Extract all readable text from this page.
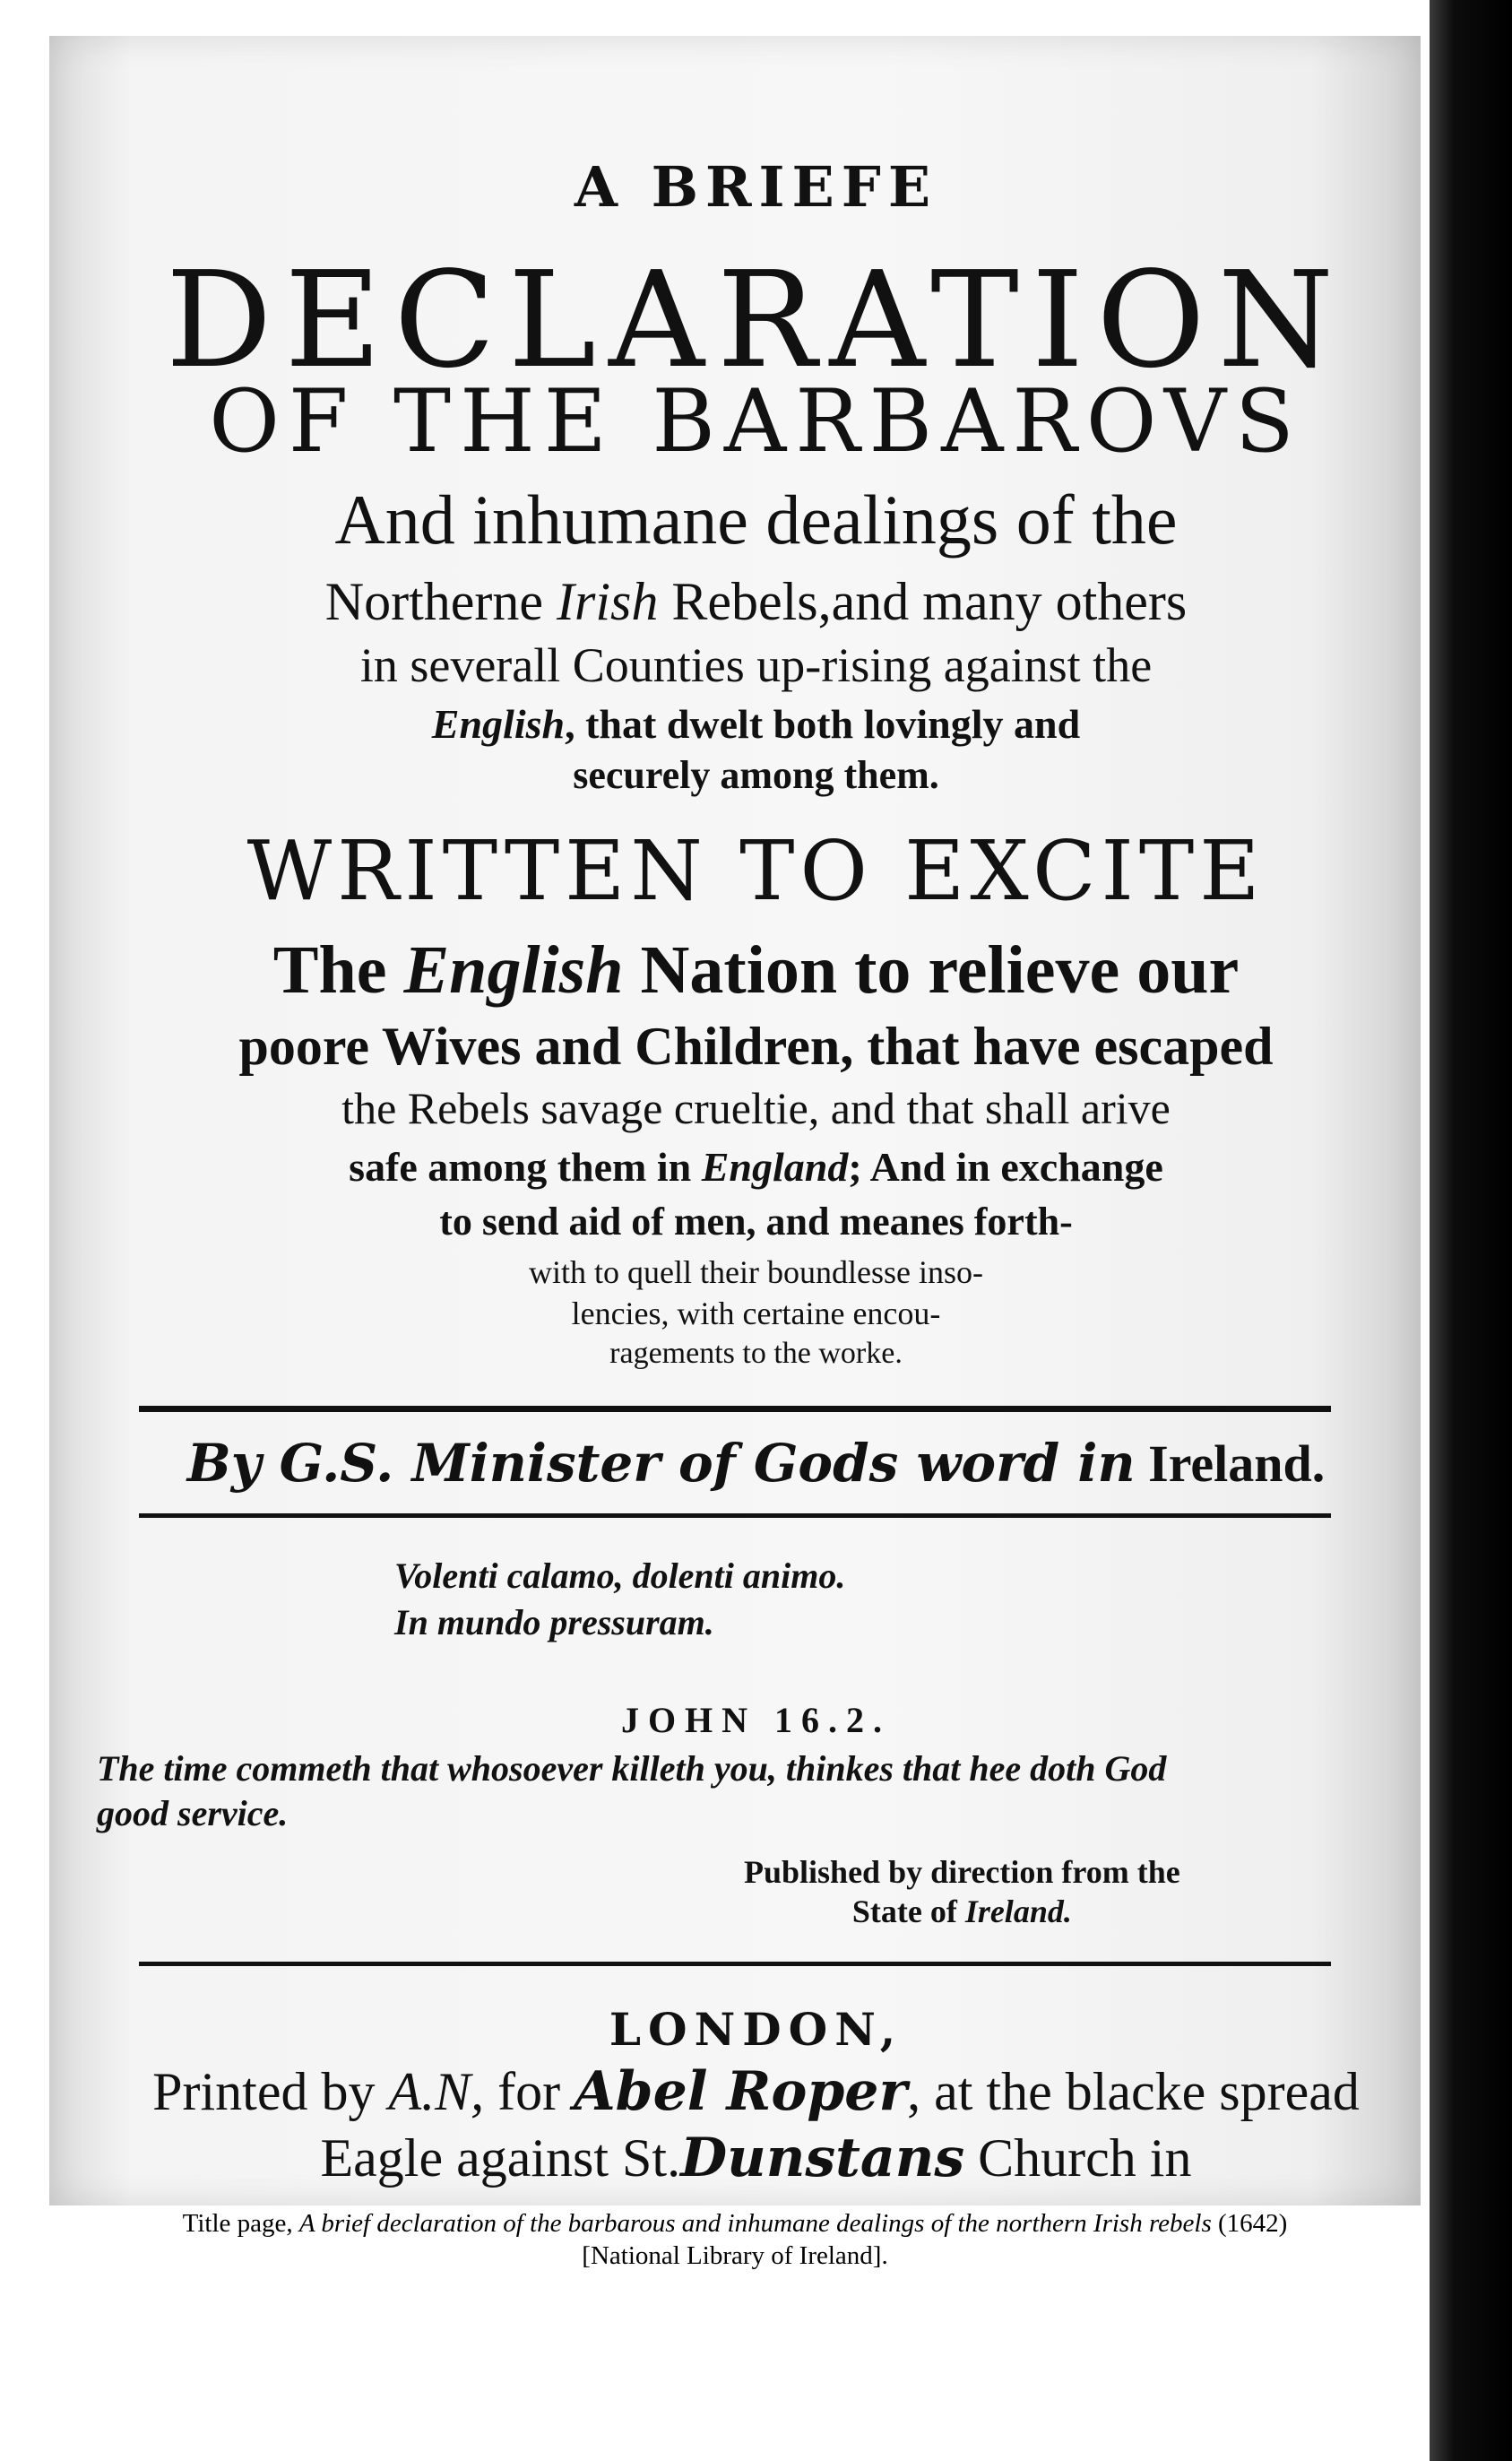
A BRIEFE
DECLARATION
OF THE BARBAROVS
And inhumane dealings of the
Northerne Irish Rebels,and many others
in severall Counties up-rising against the
English, that dwelt both lovingly and
securely among them.
WRITTEN TO EXCITE
The English Nation to relieve our
poore Wives and Children, that have escaped
the Rebels savage crueltie, and that shall arive
safe among them in England; And in exchange
to send aid of men, and meanes forth-
with to quell their boundlesse inso-
lencies, with certaine encou-
ragements to the worke.
By G.S. Minister of Gods word in Ireland.
Volenti calamo, dolenti animo.
In mundo pressuram.
JOHN 16.2.
The time commeth that whosoever killeth you, thinkes that hee doth God
good service.
Published by direction from the
State of Ireland.
LONDON,
Printed by A.N, for Abel Roper, at the blacke spread
Eagle against St.Dunstans Church in
Title page, A brief declaration of the barbarous and inhumane dealings of the northern Irish rebels (1642)
[National Library of Ireland].
